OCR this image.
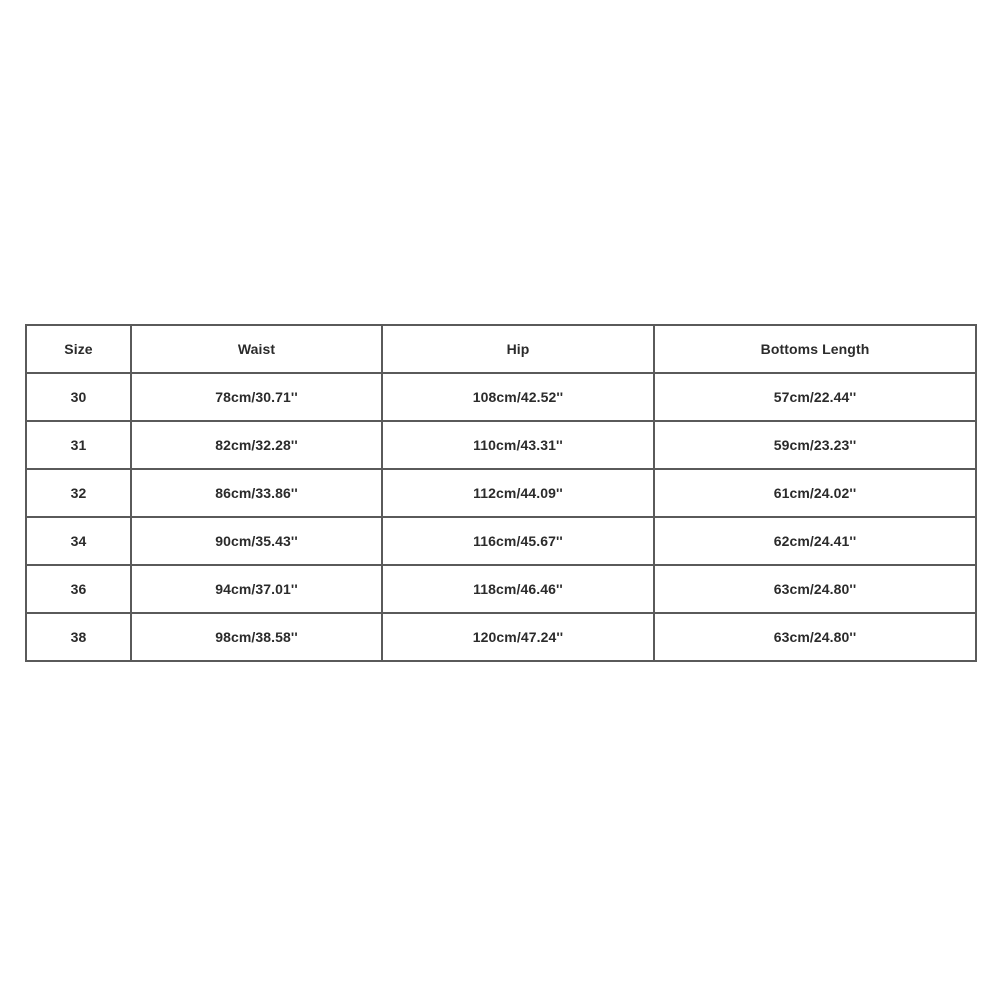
Size	Waist	Hip	Bottoms Length
30	78cm/30.71''	108cm/42.52''	57cm/22.44''
31	82cm/32.28''	110cm/43.31''	59cm/23.23''
32	86cm/33.86''	112cm/44.09''	61cm/24.02''
34	90cm/35.43''	116cm/45.67''	62cm/24.41''
36	94cm/37.01''	118cm/46.46''	63cm/24.80''
38	98cm/38.58''	120cm/47.24''	63cm/24.80''
